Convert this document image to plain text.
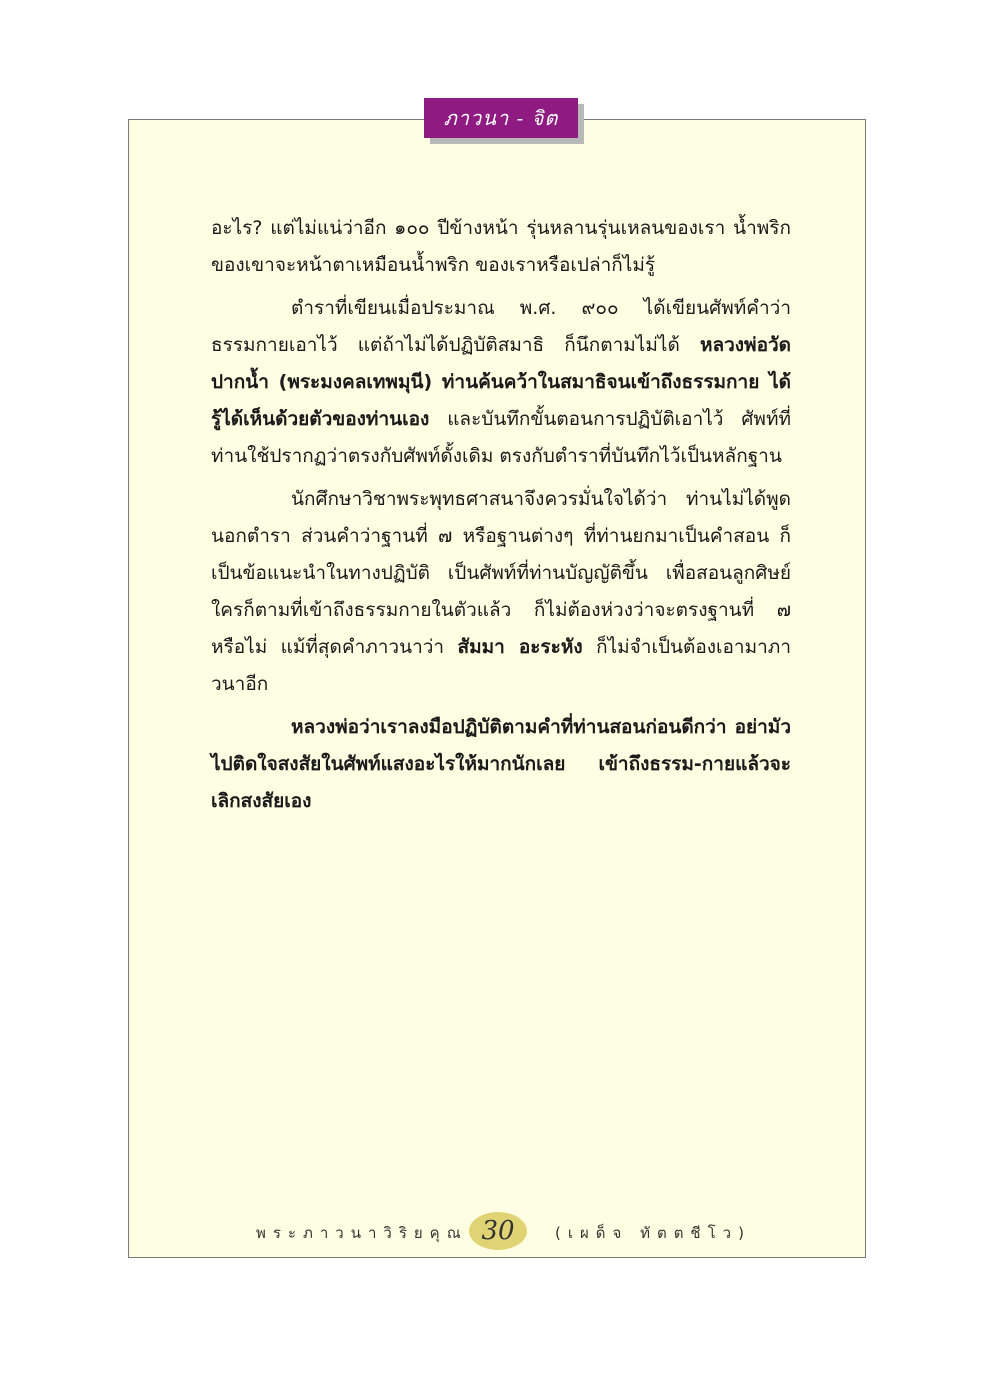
ภาวนา - จิต

อะไร? แต่ไม่แน่ว่าอีก ๑๐๐ ปีข้างหน้า รุ่นหลานรุ่นเหลนของเรา น้ำพริกของเขาจะหน้าตาเหมือนน้ำพริก ของเราหรือเปล่าก็ไม่รู้

ตำราที่เขียนเมื่อประมาณ พ.ศ. ๙๐๐ ได้เขียนศัพท์คำว่า ธรรมกายเอาไว้ แต่ถ้าไม่ได้ปฏิบัติสมาธิ ก็นึกตามไม่ได้ หลวงพ่อวัดปากน้ำ (พระมงคลเทพมุนี) ท่านค้นคว้าในสมาธิจนเข้าถึงธรรมกาย ได้รู้ได้เห็นด้วยตัวของท่านเอง และบันทึกขั้นตอนการปฏิบัติเอาไว้ ศัพท์ที่ท่านใช้ปรากฏว่าตรงกับศัพท์ดั้งเดิม ตรงกับตำราที่บันทึกไว้เป็นหลักฐาน

นักศึกษาวิชาพระพุทธศาสนาจึงควรมั่นใจได้ว่า ท่านไม่ได้พูดนอกตำรา ส่วนคำว่าฐานที่ ๗ หรือฐานต่างๆ ที่ท่านยกมาเป็นคำสอน ก็เป็นข้อแนะนำในทางปฏิบัติ เป็นศัพท์ที่ท่านบัญญัติขึ้น เพื่อสอนลูกศิษย์ ใครก็ตามที่เข้าถึงธรรมกายในตัวแล้ว ก็ไม่ต้องห่วงว่าจะตรงฐานที่ ๗ หรือไม่ แม้ที่สุดคำภาวนาว่า สัมมา อะระหัง ก็ไม่จำเป็นต้องเอามาภาวนาอีก

หลวงพ่อว่าเราลงมือปฏิบัติตามคำที่ท่านสอนก่อนดีกว่า อย่ามัวไปติดใจสงสัยในศัพท์แสงอะไรให้มากนักเลย เข้าถึงธรรม-กายแล้วจะเลิกสงสัยเอง

พระภาวนาวิริยคุณ 30	(เผด็จ ทัตตชีโว)
